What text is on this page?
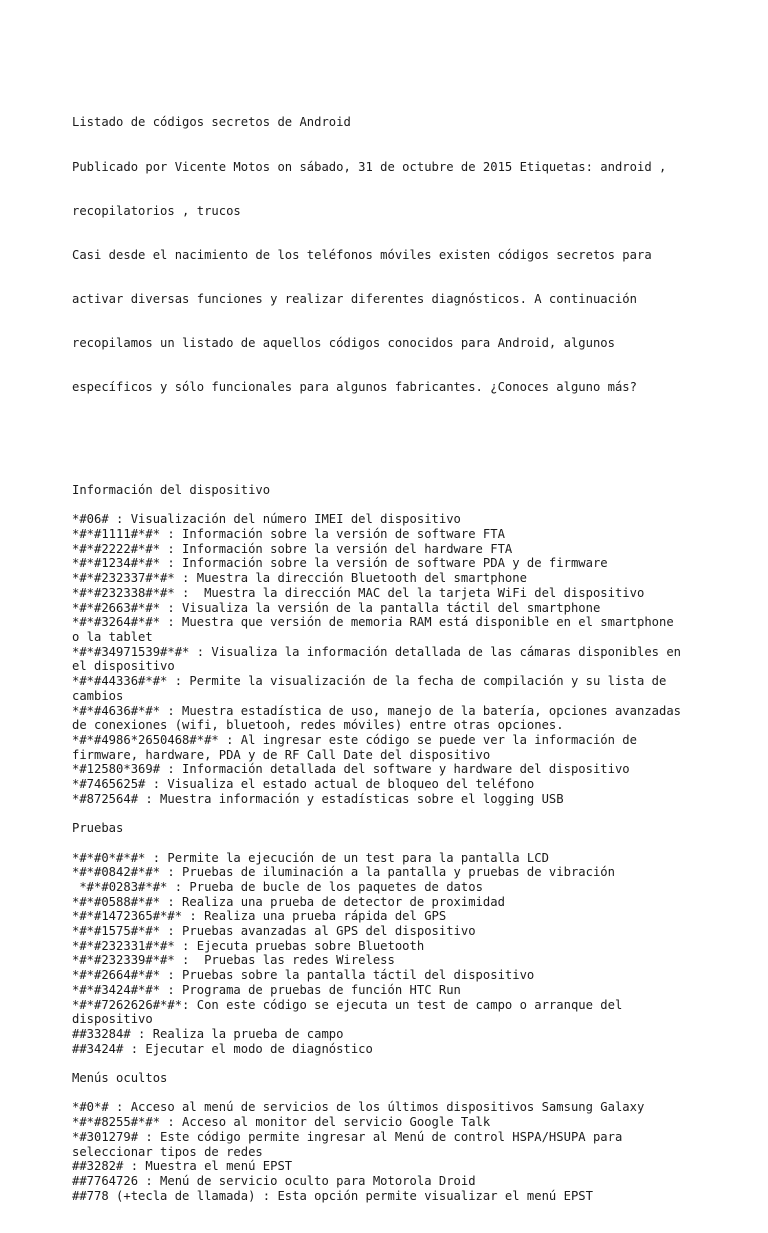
Listado de códigos secretos de Android

Publicado por Vicente Motos on sábado, 31 de octubre de 2015 Etiquetas: android ,

recopilatorios , trucos

Casi desde el nacimiento de los teléfonos móviles existen códigos secretos para

activar diversas funciones y realizar diferentes diagnósticos. A continuación

recopilamos un listado de aquellos códigos conocidos para Android, algunos

específicos y sólo funcionales para algunos fabricantes. ¿Conoces alguno más?

Información del dispositivo
*#06# : Visualización del número IMEI del dispositivo
*#*#1111#*#* : Información sobre la versión de software FTA
*#*#2222#*#* : Información sobre la versión del hardware FTA
*#*#1234#*#* : Información sobre la versión de software PDA y de firmware
*#*#232337#*#* : Muestra la dirección Bluetooth del smartphone
*#*#232338#*#* :  Muestra la dirección MAC del la tarjeta WiFi del dispositivo
*#*#2663#*#* : Visualiza la versión de la pantalla táctil del smartphone
*#*#3264#*#* : Muestra que versión de memoria RAM está disponible en el smartphone
o la tablet
*#*#34971539#*#* : Visualiza la información detallada de las cámaras disponibles en
el dispositivo
*#*#44336#*#* : Permite la visualización de la fecha de compilación y su lista de
cambios
*#*#4636#*#* : Muestra estadística de uso, manejo de la batería, opciones avanzadas
de conexiones (wifi, bluetooh, redes móviles) entre otras opciones.
*#*#4986*2650468#*#* : Al ingresar este código se puede ver la información de
firmware, hardware, PDA y de RF Call Date del dispositivo
*#12580*369# : Información detallada del software y hardware del dispositivo
*#7465625# : Visualiza el estado actual de bloqueo del teléfono
*#872564# : Muestra información y estadísticas sobre el logging USB
Pruebas
*#*#0*#*#* : Permite la ejecución de un test para la pantalla LCD
*#*#0842#*#* : Pruebas de iluminación a la pantalla y pruebas de vibración
*#*#0283#*#* : Prueba de bucle de los paquetes de datos
*#*#0588#*#* : Realiza una prueba de detector de proximidad
*#*#1472365#*#* : Realiza una prueba rápida del GPS
*#*#1575#*#* : Pruebas avanzadas al GPS del dispositivo
*#*#232331#*#* : Ejecuta pruebas sobre Bluetooth
*#*#232339#*#* :  Pruebas las redes Wireless
*#*#2664#*#* : Pruebas sobre la pantalla táctil del dispositivo
*#*#3424#*#* : Programa de pruebas de función HTC Run
*#*#7262626#*#*: Con este código se ejecuta un test de campo o arranque del
dispositivo
##33284# : Realiza la prueba de campo
##3424# : Ejecutar el modo de diagnóstico
Menús ocultos
*#0*# : Acceso al menú de servicios de los últimos dispositivos Samsung Galaxy
*#*#8255#*#* : Acceso al monitor del servicio Google Talk
*#301279# : Este código permite ingresar al Menú de control HSPA/HSUPA para
seleccionar tipos de redes
##3282# : Muestra el menú EPST
##7764726 : Menú de servicio oculto para Motorola Droid
##778 (+tecla de llamada) : Esta opción permite visualizar el menú EPST
